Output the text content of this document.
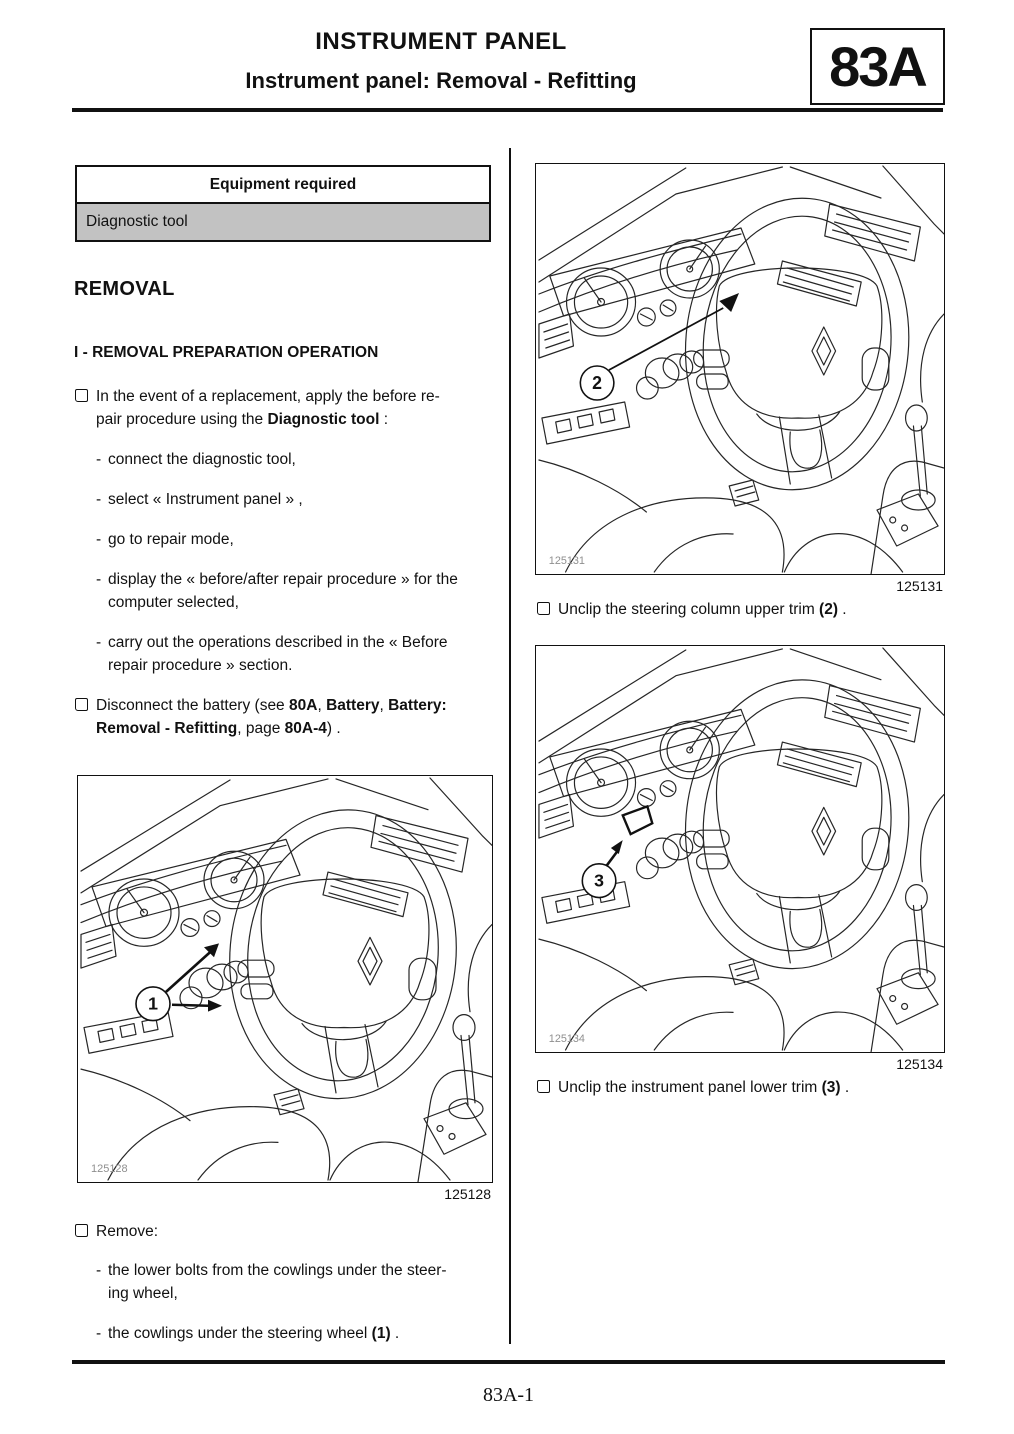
INSTRUMENT PANEL
Instrument panel: Removal - Refitting	83A
Equipment required
Diagnostic tool
REMOVAL
I - REMOVAL PREPARATION OPERATION
In the event of a replacement, apply the before re-
pair procedure using the Diagnostic tool :
- connect the diagnostic tool,
- select « Instrument panel » ,
- go to repair mode,
- display the « before/after repair procedure » for the
computer selected,
- carry out the operations described in the « Before
repair procedure » section.
Disconnect the battery (see 80A, Battery, Battery:
Removal - Refitting, page 80A-4) .
2
125131
125131
Unclip the steering column upper trim (2) .
3
125134
125134
Unclip the instrument panel lower trim (3) .
1
125128
125128
Remove:
- the lower bolts from the cowlings under the steer-
ing wheel,
- the cowlings under the steering wheel (1) .
83A-1
